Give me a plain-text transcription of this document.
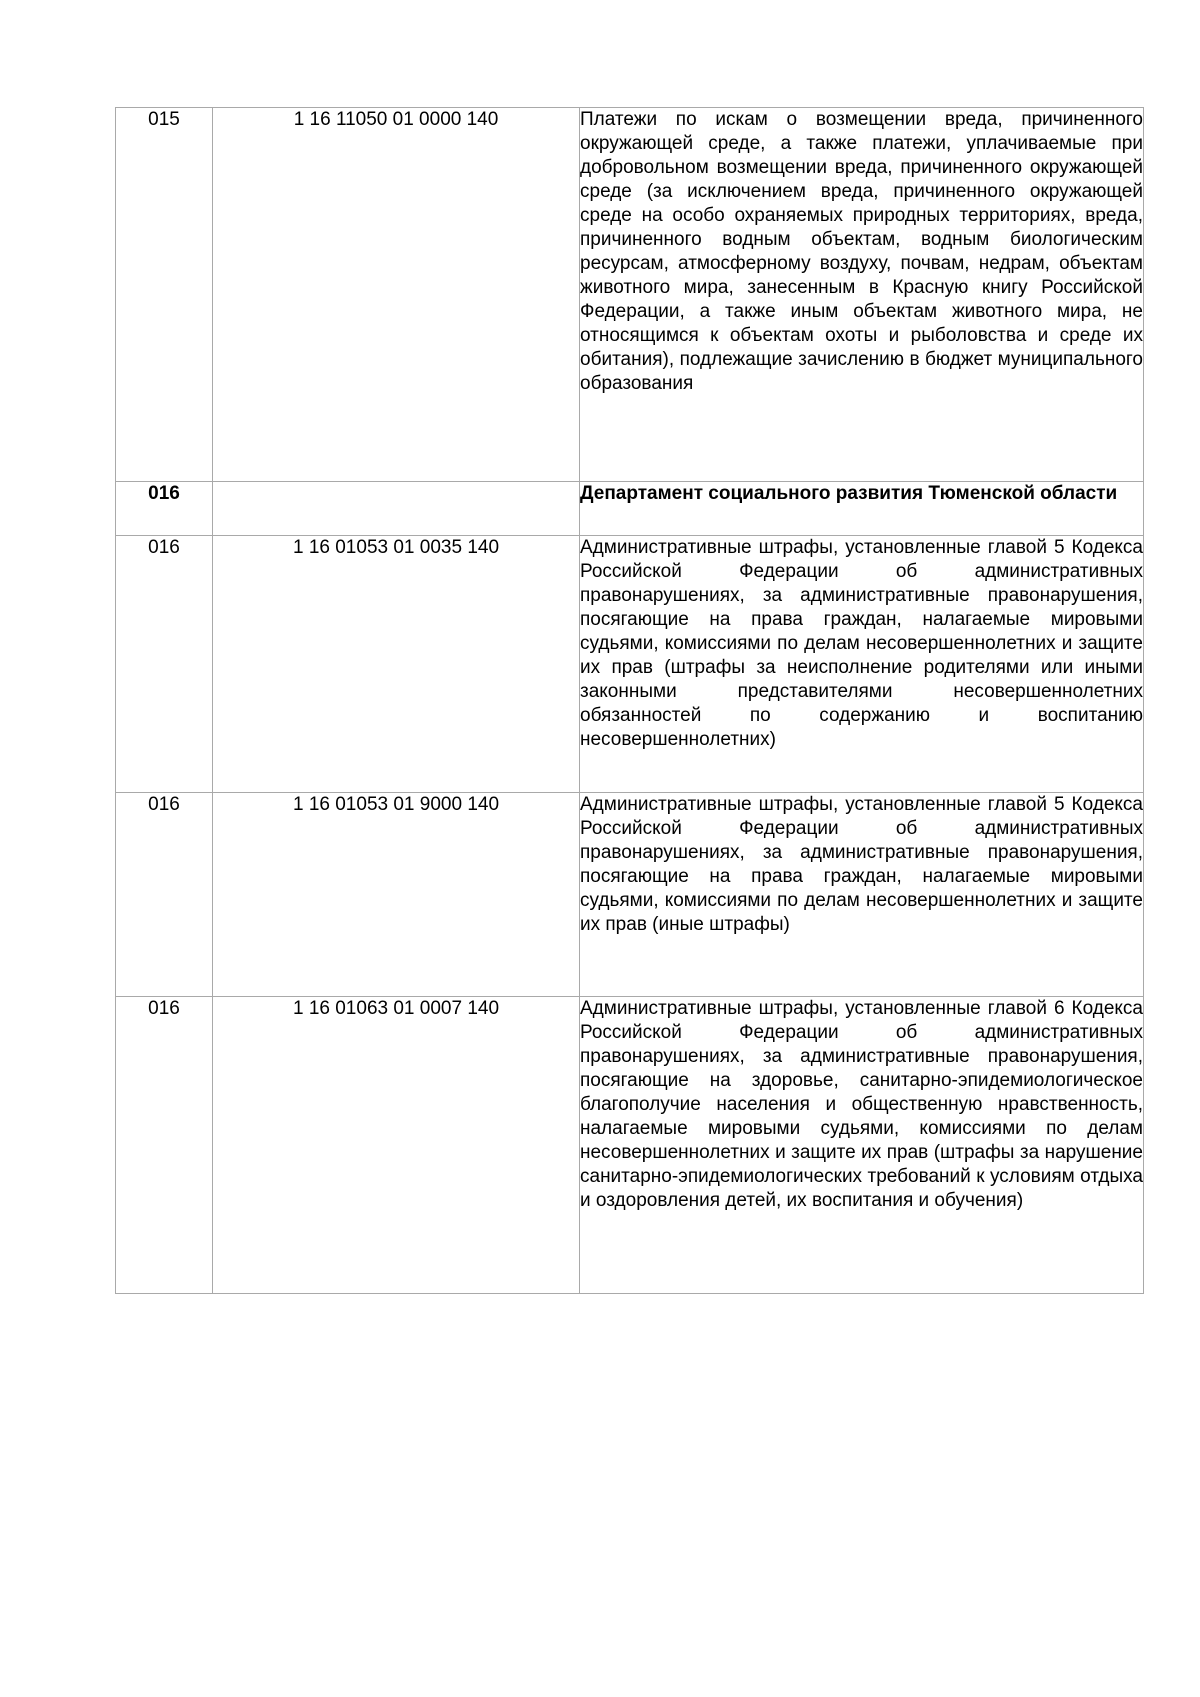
015	1 16 11050 01 0000 140	Платежи по искам о возмещении вреда, причиненного окружающей среде, а также платежи, уплачиваемые при добровольном возмещении вреда, причиненного окружающей среде (за исключением вреда, причиненного окружающей среде на особо охраняемых природных территориях, вреда, причиненного водным объектам, водным биологическим ресурсам, атмосферному воздуху, почвам, недрам, объектам животного мира, занесенным в Красную книгу Российской Федерации, а также иным объектам животного мира, не относящимся к объектам охоты и рыболовства и среде их обитания), подлежащие зачислению в бюджет муниципального образования
016		Департамент социального развития Тюменской области
016	1 16 01053 01 0035 140	Административные штрафы, установленные главой 5 Кодекса Российской Федерации об административных правонарушениях, за административные правонарушения, посягающие на права граждан, налагаемые мировыми судьями, комиссиями по делам несовершеннолетних и защите их прав (штрафы за неисполнение родителями или иными законными представителями несовершеннолетних обязанностей по содержанию и воспитанию несовершеннолетних)
016	1 16 01053 01 9000 140	Административные штрафы, установленные главой 5 Кодекса Российской Федерации об административных правонарушениях, за административные правонарушения, посягающие на права граждан, налагаемые мировыми судьями, комиссиями по делам несовершеннолетних и защите их прав (иные штрафы)
016	1 16 01063 01 0007 140	Административные штрафы, установленные главой 6 Кодекса Российской Федерации об административных правонарушениях, за административные правонарушения, посягающие на здоровье, санитарно-эпидемиологическое благополучие населения и общественную нравственность, налагаемые мировыми судьями, комиссиями по делам несовершеннолетних и защите их прав (штрафы за нарушение санитарно-эпидемиологических требований к условиям отдыха и оздоровления детей, их воспитания и обучения)
